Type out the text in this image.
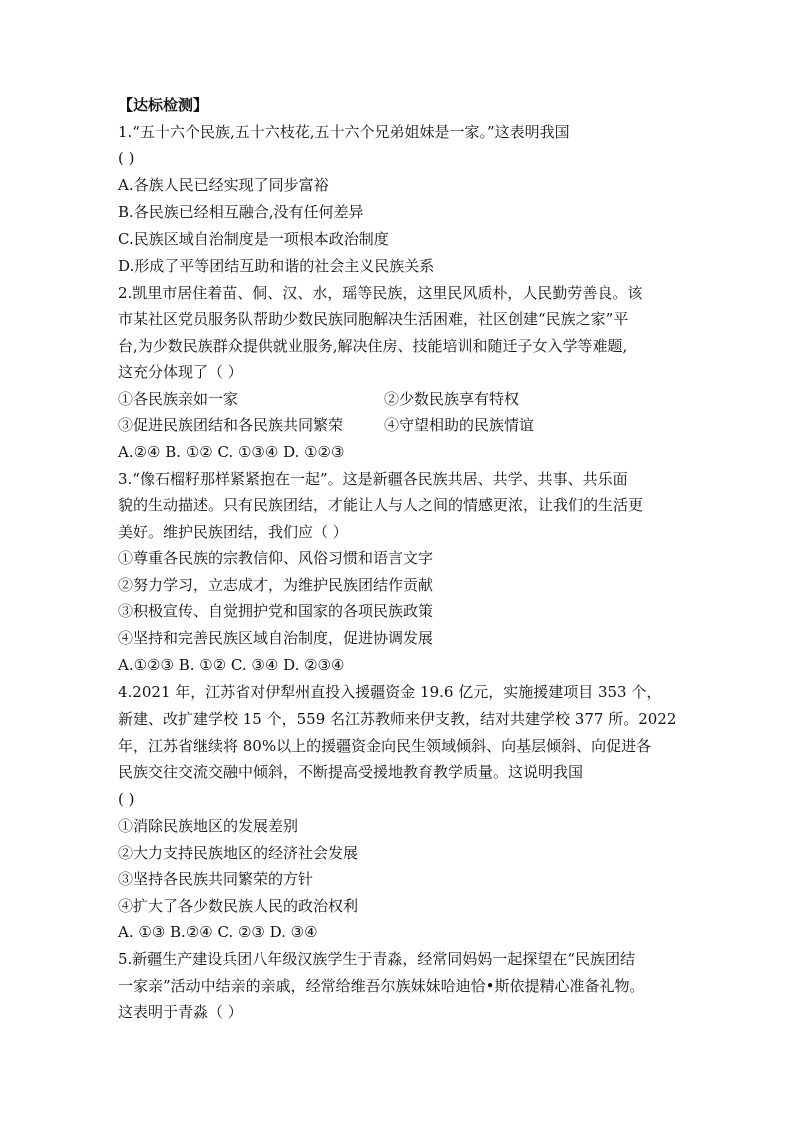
【达标检测】
1.“五十六个民族,五十六枝花,五十六个兄弟姐妹是一家。”这表明我国
( )
A.各族人民已经实现了同步富裕
B.各民族已经相互融合,没有任何差异
C.民族区域自治制度是一项根本政治制度
D.形成了平等团结互助和谐的社会主义民族关系
2.凯里市居住着苗、侗、汉、水，瑶等民族，这里民风质朴，人民勤劳善良。该
市某社区党员服务队帮助少数民族同胞解决生活困难，社区创建“民族之家”平
台,为少数民族群众提供就业服务,解决住房、技能培训和随迁子女入学等难题,
这充分体现了（ ）
①各民族亲如一家	②少数民族享有特权
③促进民族团结和各民族共同繁荣	④守望相助的民族情谊
A.②④ B. ①② C. ①③④ D. ①②③
3.“像石榴籽那样紧紧抱在一起”。这是新疆各民族共居、共学、共事、共乐面
貌的生动描述。只有民族团结，才能让人与人之间的情感更浓，让我们的生活更
美好。维护民族团结，我们应（ ）
①尊重各民族的宗教信仰、风俗习惯和语言文字
②努力学习，立志成才，为维护民族团结作贡献
③积极宣传、自觉拥护党和国家的各项民族政策
④坚持和完善民族区域自治制度，促进协调发展
A.①②③ B. ①② C. ③④ D. ②③④
4.2021 年，江苏省对伊犁州直投入援疆资金 19.6 亿元，实施援建项目 353 个，
新建、改扩建学校 15 个，559 名江苏教师来伊支教，结对共建学校 377 所。2022
年，江苏省继续将 80%以上的援疆资金向民生领域倾斜、向基层倾斜、向促进各
民族交往交流交融中倾斜，不断提高受援地教育教学质量。这说明我国
( )
①消除民族地区的发展差别
②大力支持民族地区的经济社会发展
③坚持各民族共同繁荣的方针
④扩大了各少数民族人民的政治权利
A. ①③ B.②④ C. ②③ D. ③④
5.新疆生产建设兵团八年级汉族学生于青淼，经常同妈妈一起探望在“民族团结
一家亲”活动中结亲的亲戚，经常给维吾尔族妹妹哈迪恰•斯依提精心准备礼物。
这表明于青淼（ ）
